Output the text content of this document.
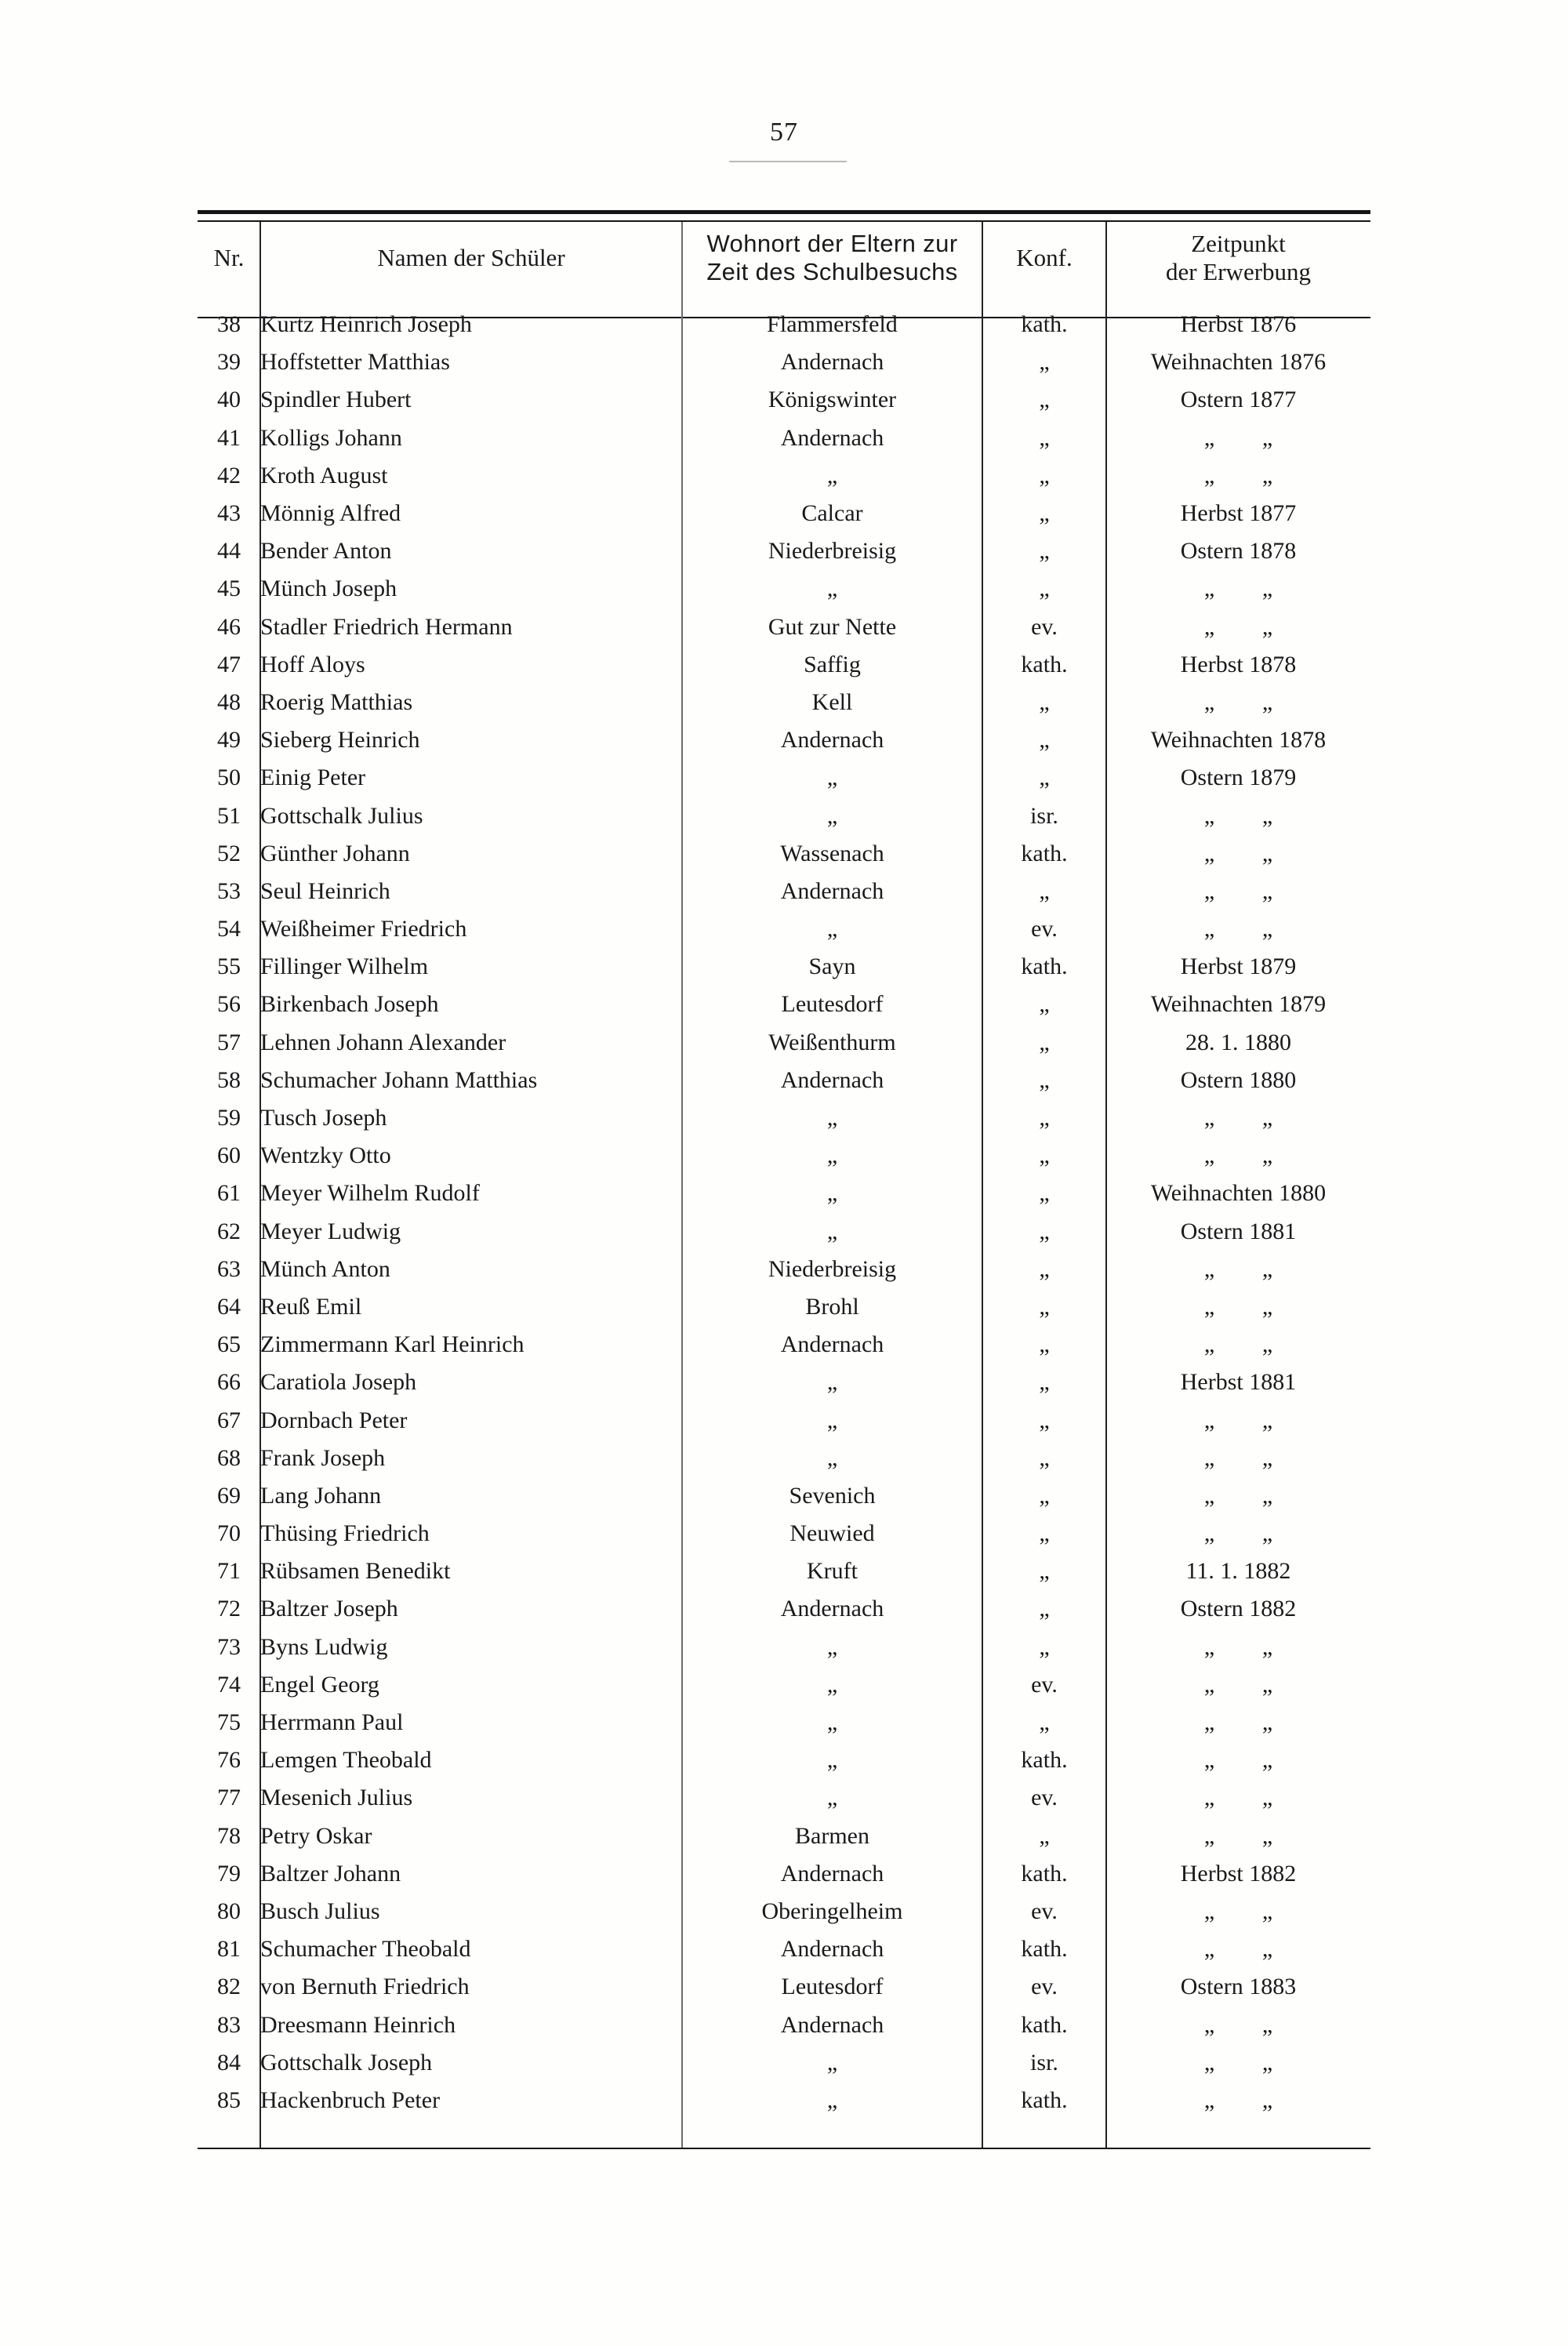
57
Nr.	Namen der Schüler	
Wohnort der Eltern zur
Zeit des Schulbesuchs
	Konf.	
Zeitpunkt
der Erwerbung

38	Kurtz Heinrich Joseph	Flammersfeld	kath.	Herbst 1876
39	Hoffstetter Matthias	Andernach	„	Weihnachten 1876
40	Spindler Hubert	Königswinter	„	Ostern 1877
41	Kolligs Johann	Andernach	„	„ „
42	Kroth August	„	„	„ „
43	Mönnig Alfred	Calcar	„	Herbst 1877
44	Bender Anton	Niederbreisig	„	Ostern 1878
45	Münch Joseph	„	„	„ „
46	Stadler Friedrich Hermann	Gut zur Nette	ev.	„ „
47	Hoff Aloys	Saffig	kath.	Herbst 1878
48	Roerig Matthias	Kell	„	„ „
49	Sieberg Heinrich	Andernach	„	Weihnachten 1878
50	Einig Peter	„	„	Ostern 1879
51	Gottschalk Julius	„	isr.	„ „
52	Günther Johann	Wassenach	kath.	„ „
53	Seul Heinrich	Andernach	„	„ „
54	Weißheimer Friedrich	„	ev.	„ „
55	Fillinger Wilhelm	Sayn	kath.	Herbst 1879
56	Birkenbach Joseph	Leutesdorf	„	Weihnachten 1879
57	Lehnen Johann Alexander	Weißenthurm	„	28. 1. 1880
58	Schumacher Johann Matthias	Andernach	„	Ostern 1880
59	Tusch Joseph	„	„	„ „
60	Wentzky Otto	„	„	„ „
61	Meyer Wilhelm Rudolf	„	„	Weihnachten 1880
62	Meyer Ludwig	„	„	Ostern 1881
63	Münch Anton	Niederbreisig	„	„ „
64	Reuß Emil	Brohl	„	„ „
65	Zimmermann Karl Heinrich	Andernach	„	„ „
66	Caratiola Joseph	„	„	Herbst 1881
67	Dornbach Peter	„	„	„ „
68	Frank Joseph	„	„	„ „
69	Lang Johann	Sevenich	„	„ „
70	Thüsing Friedrich	Neuwied	„	„ „
71	Rübsamen Benedikt	Kruft	„	11. 1. 1882
72	Baltzer Joseph	Andernach	„	Ostern 1882
73	Byns Ludwig	„	„	„ „
74	Engel Georg	„	ev.	„ „
75	Herrmann Paul	„	„	„ „
76	Lemgen Theobald	„	kath.	„ „
77	Mesenich Julius	„	ev.	„ „
78	Petry Oskar	Barmen	„	„ „
79	Baltzer Johann	Andernach	kath.	Herbst 1882
80	Busch Julius	Oberingelheim	ev.	„ „
81	Schumacher Theobald	Andernach	kath.	„ „
82	von Bernuth Friedrich	Leutesdorf	ev.	Ostern 1883
83	Dreesmann Heinrich	Andernach	kath.	„ „
84	Gottschalk Joseph	„	isr.	„ „
85	Hackenbruch Peter	„	kath.	„ „
